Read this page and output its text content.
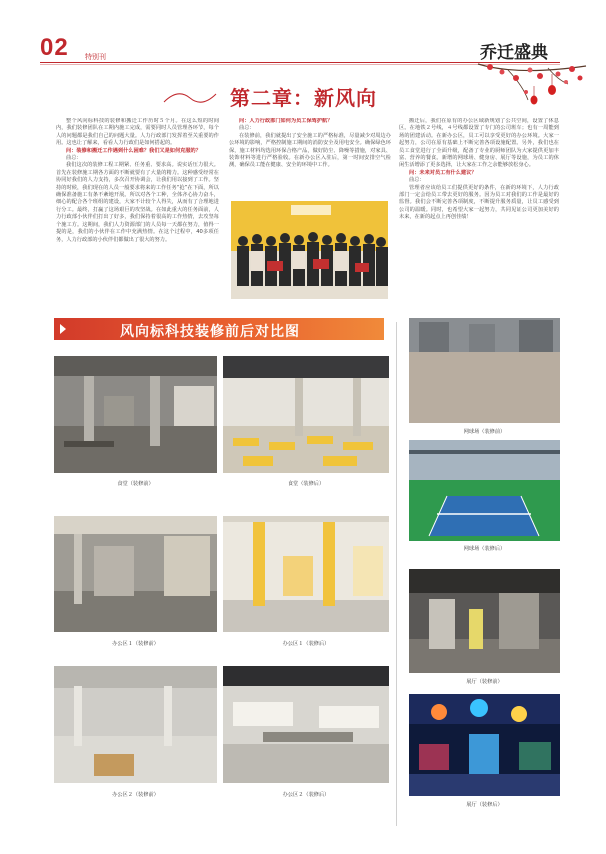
02 特别刊	乔迁盛典
第二章：新风向

整个风向标科技的装修和搬迁工作历时５个月。在这么短的时间内，我们装修团队在工期内施工完成，需要同时人员管理各环节，每个人的问题都是我们自己的问题大量。人力行政部门发挥着至关重要的作用。这也让了解来，看看人力行政们是如何搭起的。

问：装修和搬迁工作遇到什么困难？我们又是如何克服的？

曲总：

我们这次的装修工程工期紧、任务重、要求高。说实话压力很大。首先在装修施工期各方面的不断就要有了大量的精力。这种感受经常在协同好我们的人力支持，多次召开协调会，让我们用以接到了工作。坚持的时候，我们现在的人员一般要求将来的工作任务“抢”在下面，所以确保准备施工有条不紊地开展。所以对各个工种，全体齐心协力奋斗，细心的配合各个班组的建设，大家不计较个人得失，从而有了合理地进行分工。最终，打赢了这场艰巨的攻坚战。在如此重大的任务面前，人力行政部小伙伴们打出了好多，我们保持着很高的工作热情，去攻坚每个施工方。这期间，我们人力资源部门的人员每一天都在努力，值得一提的是，我们的小伙伴在工作中充满热情。在这个过程中，40多项任务，人力行政部的小伙伴们都做出了很大的努力。

问：人力行政部门如何为员工保驾护航？

曲总：

在装修前，我们就提出了安全施工的严格标准，尽量减少对周边办公环境的影响，严格控制施工期间的消防安全及用电安全。确保绿色环保，施工材料均选用环保合格产品，做好防尘、降噪等措施，对家具、装饰材料等进行严格验收。在新办公区入驻后，第一时间安排空气检测，确保员工能在健康、安全的环境中工作。

搬迁后，我们在原有的办公区域新规划了公共空间，设置了休息区。在地铁２号线，４号线都设置了专门的公司班车；也有一周能到场的团建活动。在新办公区，员工可以享受更好的办公环境。大家一起努力，公司在原有基础上不断完善各项设施配置。另外，我们也在员工食堂进行了全面升级，配备了专业的厨师团队为大家提供更加丰富、营养的餐食。新增的网球场、健身房、展厅等设施，为员工的休闲生活增添了更多选择，让大家在工作之余能够放松身心。

问：未来对员工有什么建议？

曲总：

管理者应该给员工们提供更好的条件，在新的环境下，人力行政部门一定会给员工带去更好的服务。因为员工对我们的工作是最好的监督。我们会不断完善各项制度，不断提升服务质量，让员工感受到公司的温暖。同时，也希望大家一起努力，共同见证公司更加美好的未来，在新的起点上再创佳绩！

风向标科技装修前后对比图
食堂（装修前）	食堂（装修后）
办公区１（装修前）	办公区１（装修后）
办公区２（装修前）	办公区２（装修后）
网球场（装修前）
网球场（装修后）
展厅（装修前）
展厅（装修后）
